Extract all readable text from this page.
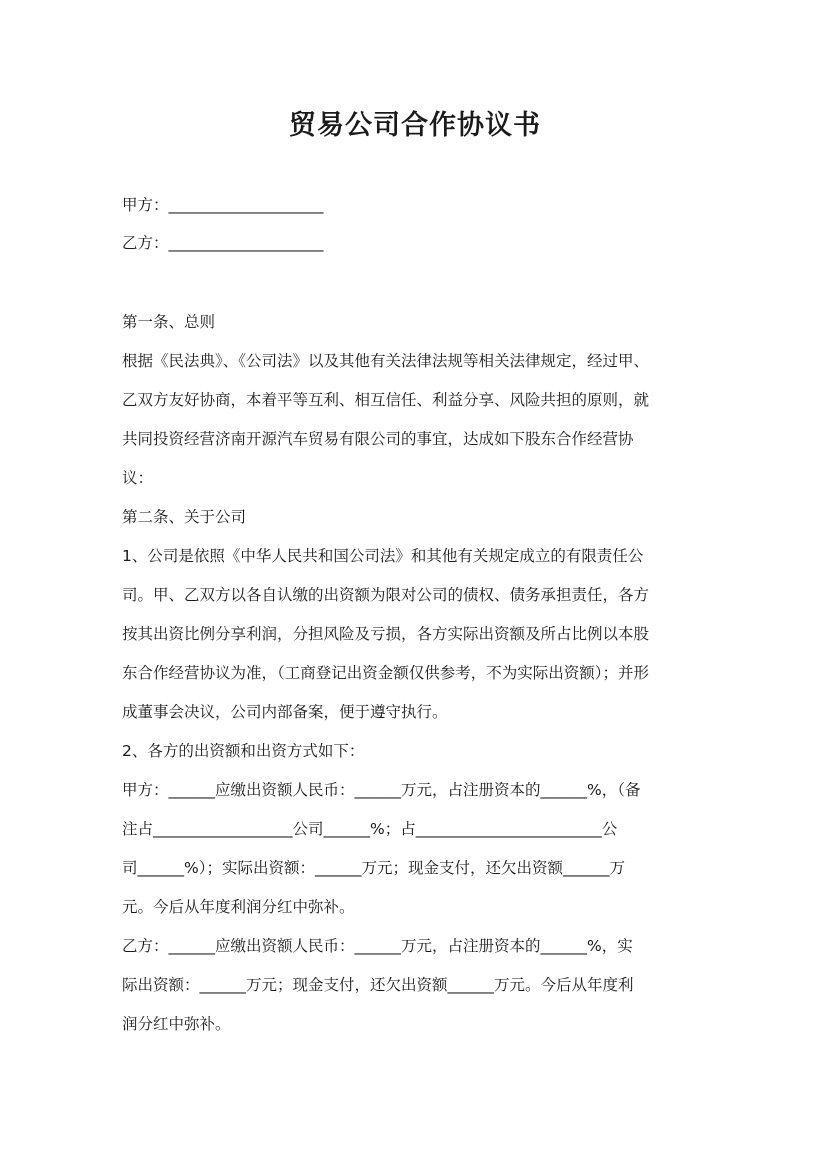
贸易公司合作协议书
甲方：____________________
乙方：____________________
第一条、总则
根据《民法典》、《公司法》以及其他有关法律法规等相关法律规定，经过甲、
乙双方友好协商，本着平等互利、相互信任、利益分享、风险共担的原则，就
共同投资经营济南开源汽车贸易有限公司的事宜，达成如下股东合作经营协
议：
第二条、关于公司
1、公司是依照《中华人民共和国公司法》和其他有关规定成立的有限责任公
司。甲、乙双方以各自认缴的出资额为限对公司的债权、债务承担责任，各方
按其出资比例分享利润，分担风险及亏损，各方实际出资额及所占比例以本股
东合作经营协议为准，（工商登记出资金额仅供参考，不为实际出资额）；并形
成董事会决议，公司内部备案，便于遵守执行。
2、各方的出资额和出资方式如下：
甲方：______应缴出资额人民币：______万元，占注册资本的______%，（备
注占__________________公司______%；占________________________公
司______%）；实际出资额：______万元；现金支付，还欠出资额______万
元。今后从年度利润分红中弥补。
乙方：______应缴出资额人民币：______万元，占注册资本的______%，实
际出资额：______万元；现金支付，还欠出资额______万元。今后从年度利
润分红中弥补。
